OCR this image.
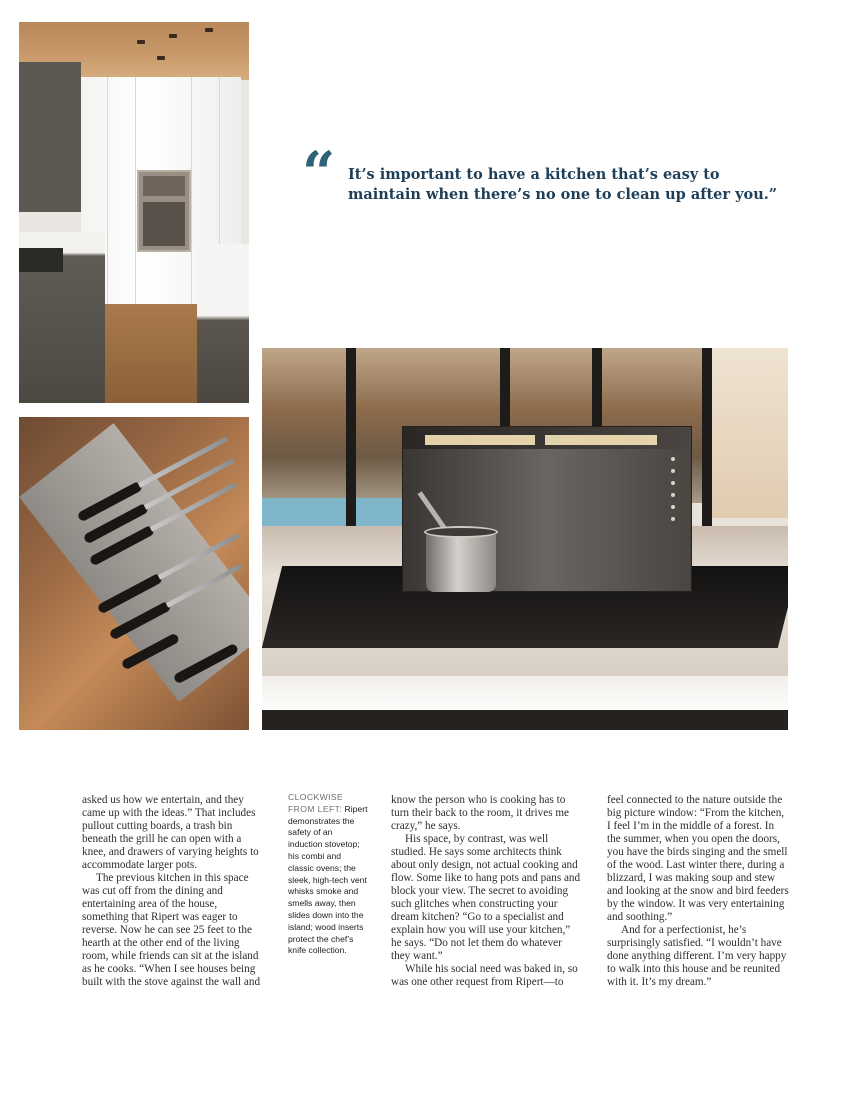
“ It’s important to have a kitchen that’s easy to maintain when there’s no one to clean up after you.”

asked us how we entertain, and they came up with the ideas.” That includes pullout cutting boards, a trash bin beneath the grill he can open with a knee, and drawers of varying heights to accommodate larger pots.

The previous kitchen in this space was cut off from the dining and entertaining area of the house, something that Ripert was eager to reverse. Now he can see 25 feet to the hearth at the other end of the living room, while friends can sit at the island as he cooks. “When I see houses being built with the stove against the wall and

CLOCKWISE FROM LEFT: Ripert demonstrates the safety of an induction stovetop; his combi and classic ovens; the sleek, high-tech vent whisks smoke and smells away, then slides down into the island; wood inserts protect the chef’s knife collection.

know the person who is cooking has to turn their back to the room, it drives me crazy,” he says.

His space, by contrast, was well studied. He says some architects think about only design, not actual cooking and flow. Some like to hang pots and pans and block your view. The secret to avoiding such glitches when constructing your dream kitchen? “Go to a specialist and explain how you will use your kitchen,” he says. “Do not let them do whatever they want.”

While his social need was baked in, so was one other request from Ripert—to

feel connected to the nature outside the big picture window: “From the kitchen, I feel I’m in the middle of a forest. In the summer, when you open the doors, you have the birds singing and the smell of the wood. Last winter there, during a blizzard, I was making soup and stew and looking at the snow and bird feeders by the window. It was very entertaining and soothing.”

And for a perfectionist, he’s surprisingly satisfied. “I wouldn’t have done anything different. I’m very happy to walk into this house and be reunited with it. It’s my dream.”
